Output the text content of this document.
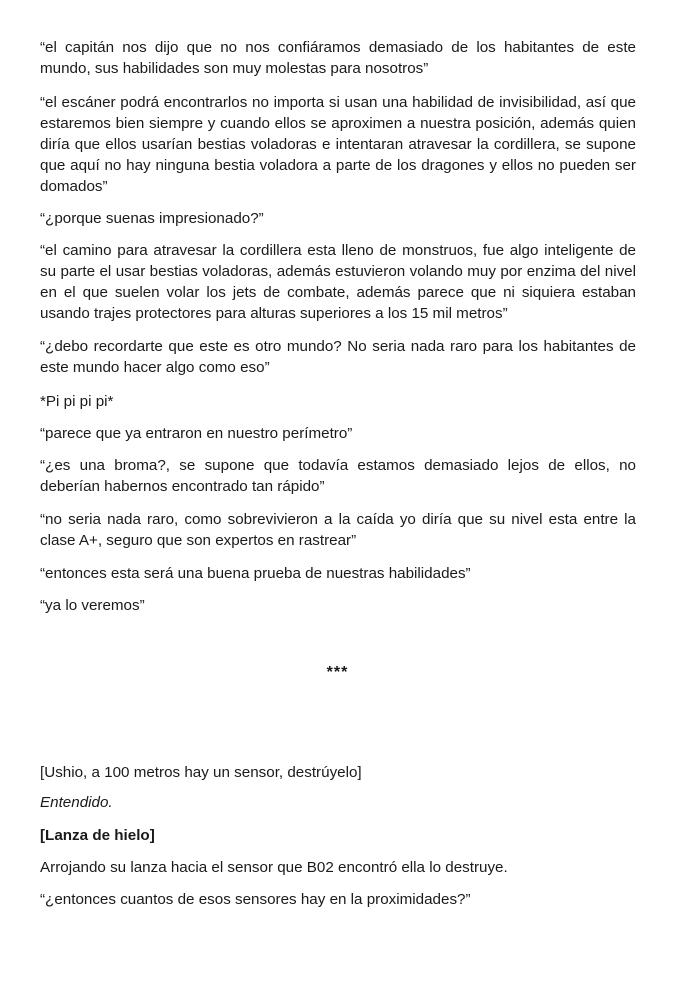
“el capitán nos dijo que no nos confiáramos demasiado de los habitantes de este mundo, sus habilidades son muy molestas para nosotros”

“el escáner podrá encontrarlos no importa si usan una habilidad de invisibilidad, así que estaremos bien siempre y cuando ellos se aproximen a nuestra posición, además quien diría que ellos usarían bestias voladoras e intentaran atravesar la cordillera, se supone que aquí no hay ninguna bestia voladora a parte de los dragones y ellos no pueden ser domados”

“¿porque suenas impresionado?”

“el camino para atravesar la cordillera esta lleno de monstruos, fue algo inteligente de su parte el usar bestias voladoras, además estuvieron volando muy por enzima del nivel en el que suelen volar los jets de combate, además parece que ni siquiera estaban usando trajes protectores para alturas superiores a los 15 mil metros”

“¿debo recordarte que este es otro mundo? No seria nada raro para los habitantes de este mundo hacer algo como eso”

*Pi pi pi pi*

“parece que ya entraron en nuestro perímetro”

“¿es una broma?, se supone que todavía estamos demasiado lejos de ellos, no deberían habernos encontrado tan rápido”

“no seria nada raro, como sobrevivieron a la caída yo diría que su nivel esta entre la clase A+, seguro que son expertos en rastrear”

“entonces esta será una buena prueba de nuestras habilidades”

“ya lo veremos”

***

[Ushio, a 100 metros hay un sensor, destrúyelo]

Entendido.

[Lanza de hielo]

Arrojando su lanza hacia el sensor que B02 encontró ella lo destruye.

“¿entonces cuantos de esos sensores hay en la proximidades?”
